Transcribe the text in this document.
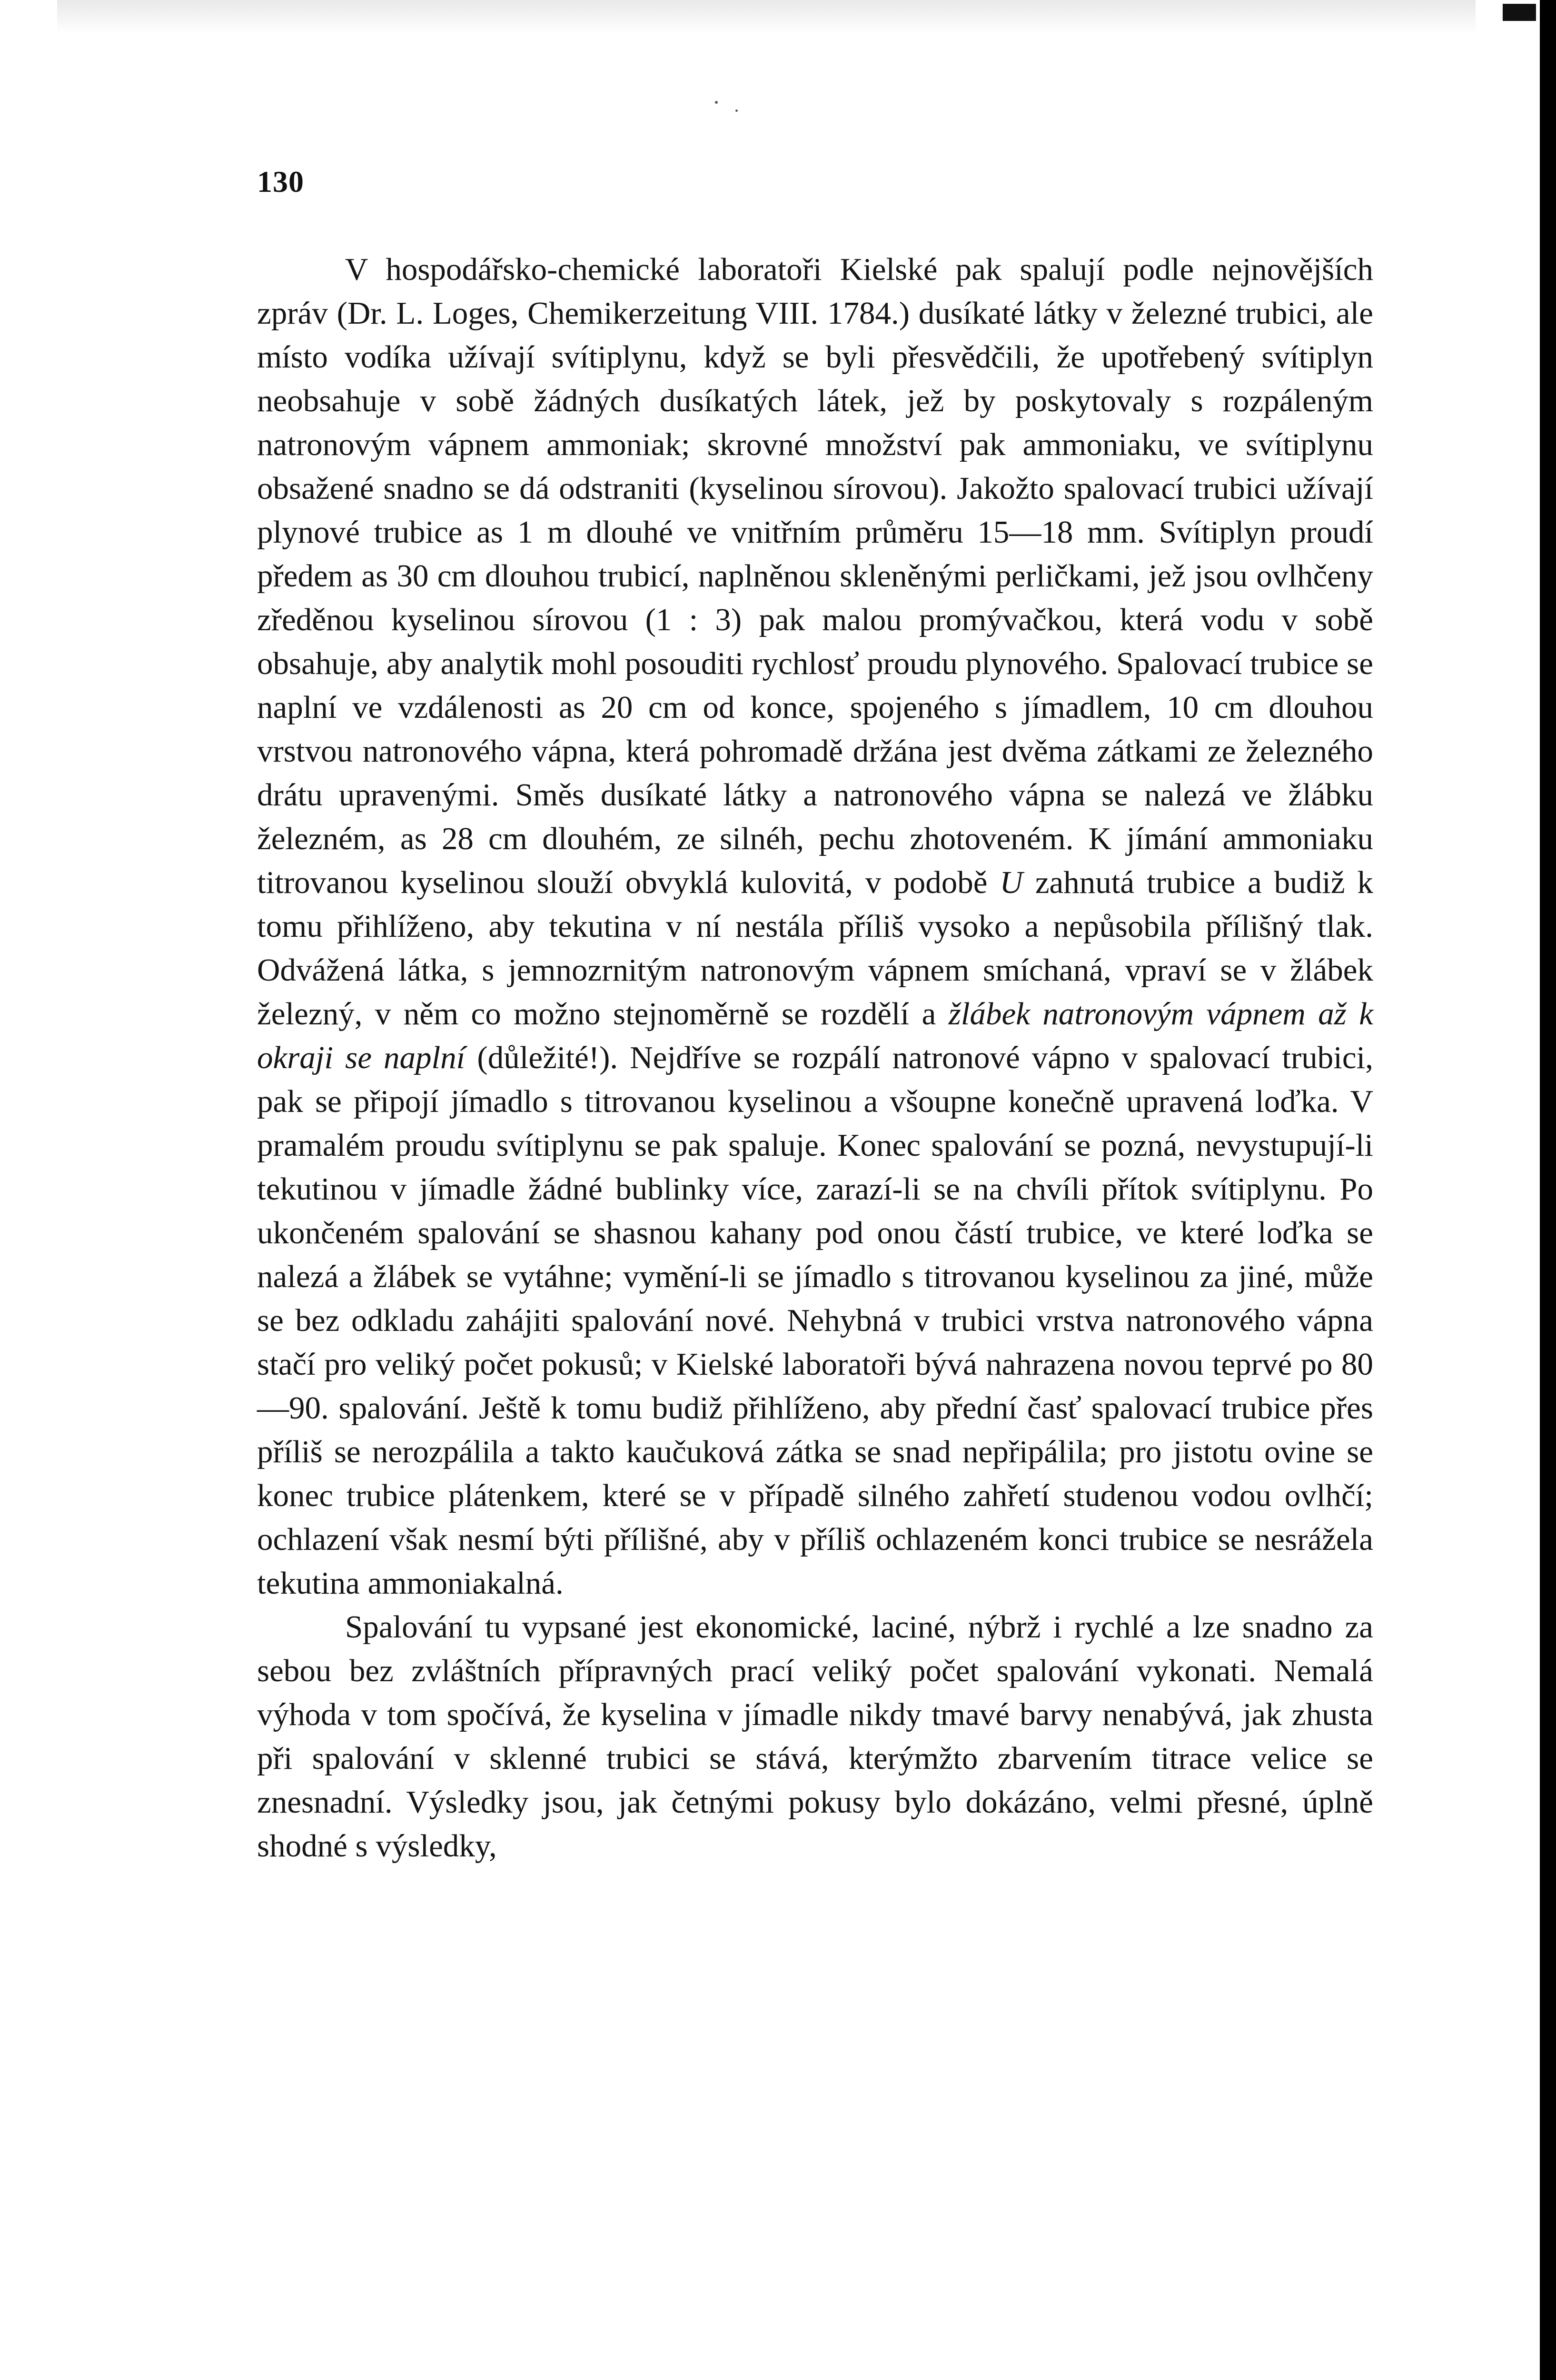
130

V hospodářsko-chemické laboratoři Kielské pak spalují podle nejnovějších zpráv (Dr. L. Loges, Chemikerzeitung VIII. 1784.) dusíkaté látky v železné trubici, ale místo vodíka užívají svítiplynu, když se byli přesvědčili, že upotřebený svítiplyn neobsahuje v sobě žádných dusíkatých látek, jež by poskytovaly s rozpáleným natronovým vápnem ammoniak; skrovné množství pak ammoniaku, ve svítiplynu obsažené snadno se dá odstraniti (kyselinou sírovou). Jakožto spalovací trubici užívají plynové trubice as 1 m dlouhé ve vnitřním průměru 15—18 mm. Svítiplyn proudí předem as 30 cm dlouhou trubicí, naplněnou skleněnými perličkami, jež jsou ovlhčeny zředěnou kyselinou sírovou (1 : 3) pak malou promývačkou, která vodu v sobě obsahuje, aby analytik mohl posouditi rychlosť proudu plynového. Spalovací trubice se naplní ve vzdálenosti as 20 cm od konce, spojeného s jímadlem, 10 cm dlouhou vrstvou natronového vápna, která pohromadě držána jest dvěma zátkami ze železného drátu upravenými. Směs dusíkaté látky a natronového vápna se nalezá ve žlábku železném, as 28 cm dlouhém, ze silnéh, pechu zhotoveném. K jímání ammoniaku titrovanou kyselinou slouží obvyklá kulovitá, v podobě U zahnutá trubice a budiž k tomu přihlíženo, aby tekutina v ní nestála příliš vysoko a nepůsobila přílišný tlak. Odvážená látka, s jemnozrnitým natronovým vápnem smíchaná, vpraví se v žlábek železný, v něm co možno stejnoměrně se rozdělí a žlábek natronovým vápnem až k okraji se naplní (důležité!). Nejdříve se rozpálí natronové vápno v spalovací trubici, pak se připojí jímadlo s titrovanou kyselinou a všoupne konečně upravená loďka. V pramalém proudu svítiplynu se pak spaluje. Konec spalování se pozná, nevystupují-li tekutinou v jímadle žádné bublinky více, zarazí-li se na chvíli přítok svítiplynu. Po ukončeném spalování se shasnou kahany pod onou částí trubice, ve které loďka se nalezá a žlábek se vytáhne; vymění-li se jímadlo s titrovanou kyselinou za jiné, může se bez odkladu zahájiti spalování nové. Nehybná v trubici vrstva natronového vápna stačí pro veliký počet pokusů; v Kielské laboratoři bývá nahrazena novou teprvé po 80—90. spalování. Ještě k tomu budiž přihlíženo, aby přední časť spalovací trubice přes příliš se nerozpálila a takto kaučuková zátka se snad nepřipálila; pro jistotu ovine se konec trubice plátenkem, které se v případě silného zahřetí studenou vodou ovlhčí; ochlazení však nesmí býti přílišné, aby v příliš ochlazeném konci trubice se nesrážela tekutina ammoniakalná.

Spalování tu vypsané jest ekonomické, laciné, nýbrž i rychlé a lze snadno za sebou bez zvláštních přípravných prací veliký počet spalování vykonati. Nemalá výhoda v tom spočívá, že kyselina v jímadle nikdy tmavé barvy nenabývá, jak zhusta při spalování v sklenné trubici se stává, kterýmžto zbarvením titrace velice se znesnadní. Výsledky jsou, jak četnými pokusy bylo dokázáno, velmi přesné, úplně shodné s výsledky,
